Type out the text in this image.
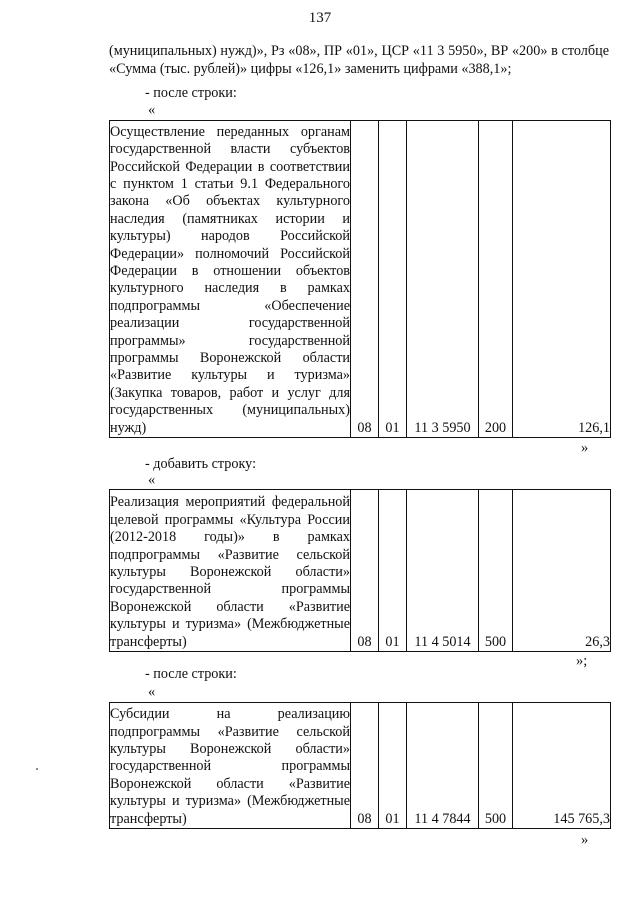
137
(муниципальных) нужд)», Рз «08», ПР «01», ЦСР «11 3 5950», ВР «200» в столбце «Сумма (тыс. рублей)» цифры «126,1» заменить цифрами «388,1»;
- после строки:
«
Осуществление переданных органам государственной власти субъектов Российской Федерации в соответствии с пунктом 1 статьи 9.1 Федерального закона «Об объектах культурного наследия (памятниках истории и культуры) народов Российской Федерации» полномочий Российской Федерации в отношении объектов культурного наследия в рамках подпрограммы «Обеспечение реализации государственной программы» государственной программы Воронежской области «Развитие культуры и туризма» (Закупка товаров, работ и услуг для государственных (муниципальных) нужд)	08	01	11 3 5950	200	126,1
»
- добавить строку:
«
Реализация мероприятий федеральной целевой программы «Культура России (2012-2018 годы)» в рамках подпрограммы «Развитие сельской культуры Воронежской области» государственной программы Воронежской области «Развитие культуры и туризма» (Межбюджетные трансферты)	08	01	11 4 5014	500	26,3
»;
- после строки:
«
Субсидии на реализацию подпрограммы «Развитие сельской культуры Воронежской области» государственной программы Воронежской области «Развитие культуры и туризма» (Межбюджетные трансферты)	08	01	11 4 7844	500	145 765,3
»
